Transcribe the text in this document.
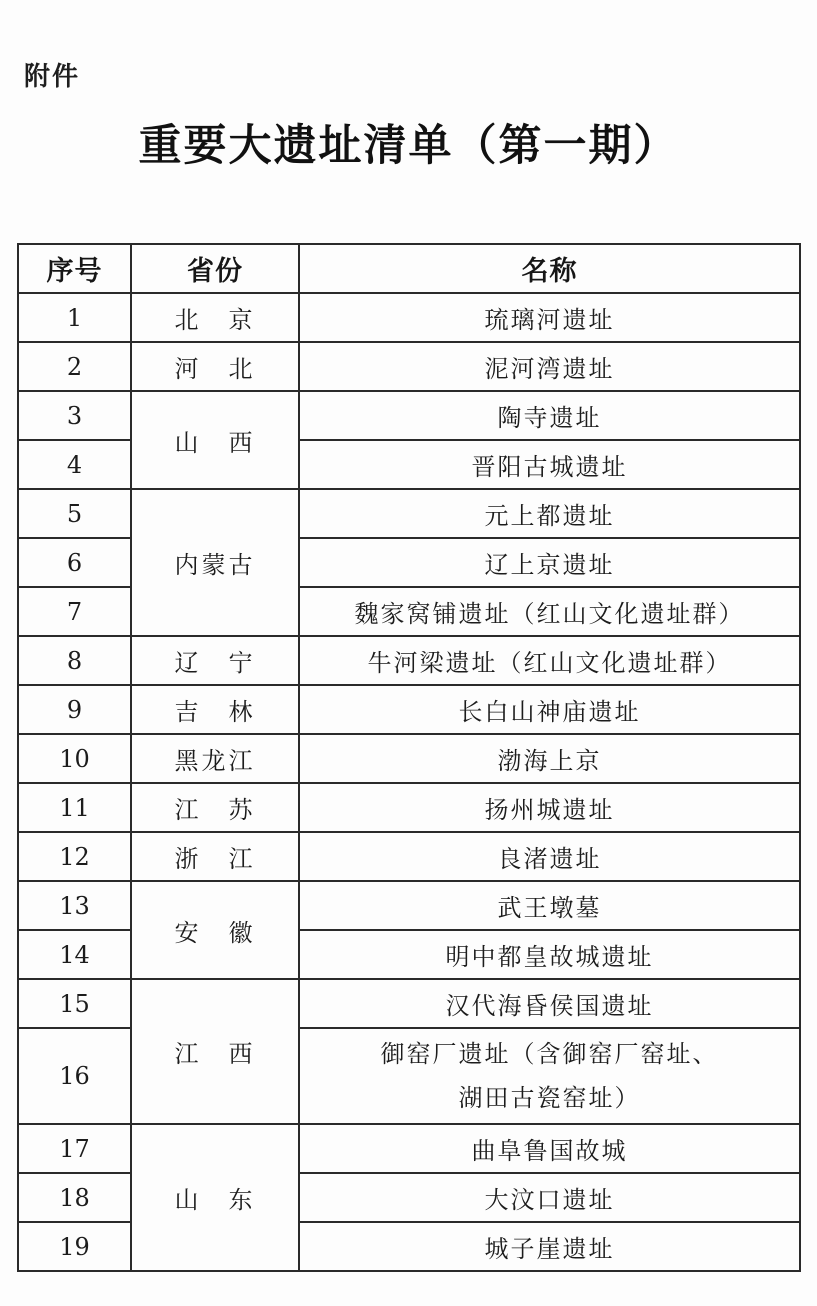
附件
重要大遗址清单（第一期）
序号	省份	名称
1	北　京	琉璃河遗址
2	河　北	泥河湾遗址
3	山　西	陶寺遗址
4		晋阳古城遗址
5	内蒙古	元上都遗址
6		辽上京遗址
7		魏家窝铺遗址（红山文化遗址群）
8	辽　宁	牛河梁遗址（红山文化遗址群）
9	吉　林	长白山神庙遗址
10	黑龙江	渤海上京
11	江　苏	扬州城遗址
12	浙　江	良渚遗址
13	安　徽	武王墩墓
14		明中都皇故城遗址
15	江　西	汉代海昏侯国遗址
16		御窑厂遗址（含御窑厂窑址、
湖田古瓷窑址）

17	山　东	曲阜鲁国故城
18		大汶口遗址
19		城子崖遗址
